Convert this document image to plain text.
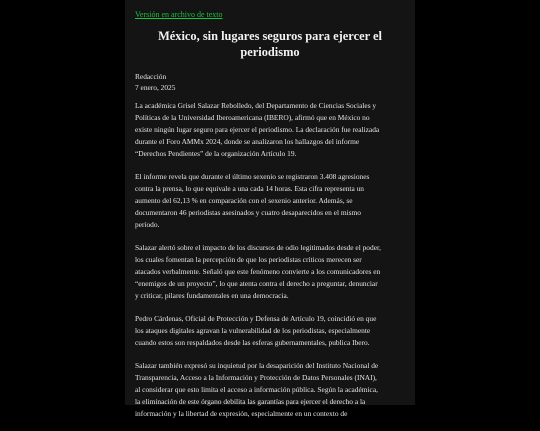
Versión en archivo de texto
México, sin lugares seguros para ejercer el
periodismo
Redacción
7 enero, 2025

La académica Grisel Salazar Rebolledo, del Departamento de Ciencias Sociales y
Políticas de la Universidad Iberoamericana (IBERO), afirmó que en México no
existe ningún lugar seguro para ejercer el periodismo. La declaración fue realizada
durante el Foro AMMx 2024, donde se analizaron los hallazgos del informe
“Derechos Pendientes” de la organización Artículo 19.

El informe revela que durante el último sexenio se registraron 3.408 agresiones
contra la prensa, lo que equivale a una cada 14 horas. Esta cifra representa un
aumento del 62,13 % en comparación con el sexenio anterior. Además, se
documentaron 46 periodistas asesinados y cuatro desaparecidos en el mismo
período.

Salazar alertó sobre el impacto de los discursos de odio legitimados desde el poder,
los cuales fomentan la percepción de que los periodistas críticos merecen ser
atacados verbalmente. Señaló que este fenómeno convierte a los comunicadores en
“enemigos de un proyecto”, lo que atenta contra el derecho a preguntar, denunciar
y criticar, pilares fundamentales en una democracia.

Pedro Cárdenas, Oficial de Protección y Defensa de Artículo 19, coincidió en que
los ataques digitales agravan la vulnerabilidad de los periodistas, especialmente
cuando estos son respaldados desde las esferas gubernamentales, publica Ibero.

Salazar también expresó su inquietud por la desaparición del Instituto Nacional de
Transparencia, Acceso a la Información y Protección de Datos Personales (INAI),
al considerar que esto limita el acceso a información pública. Según la académica,
la eliminación de este órgano debilita las garantías para ejercer el derecho a la
información y la libertad de expresión, especialmente en un contexto de
